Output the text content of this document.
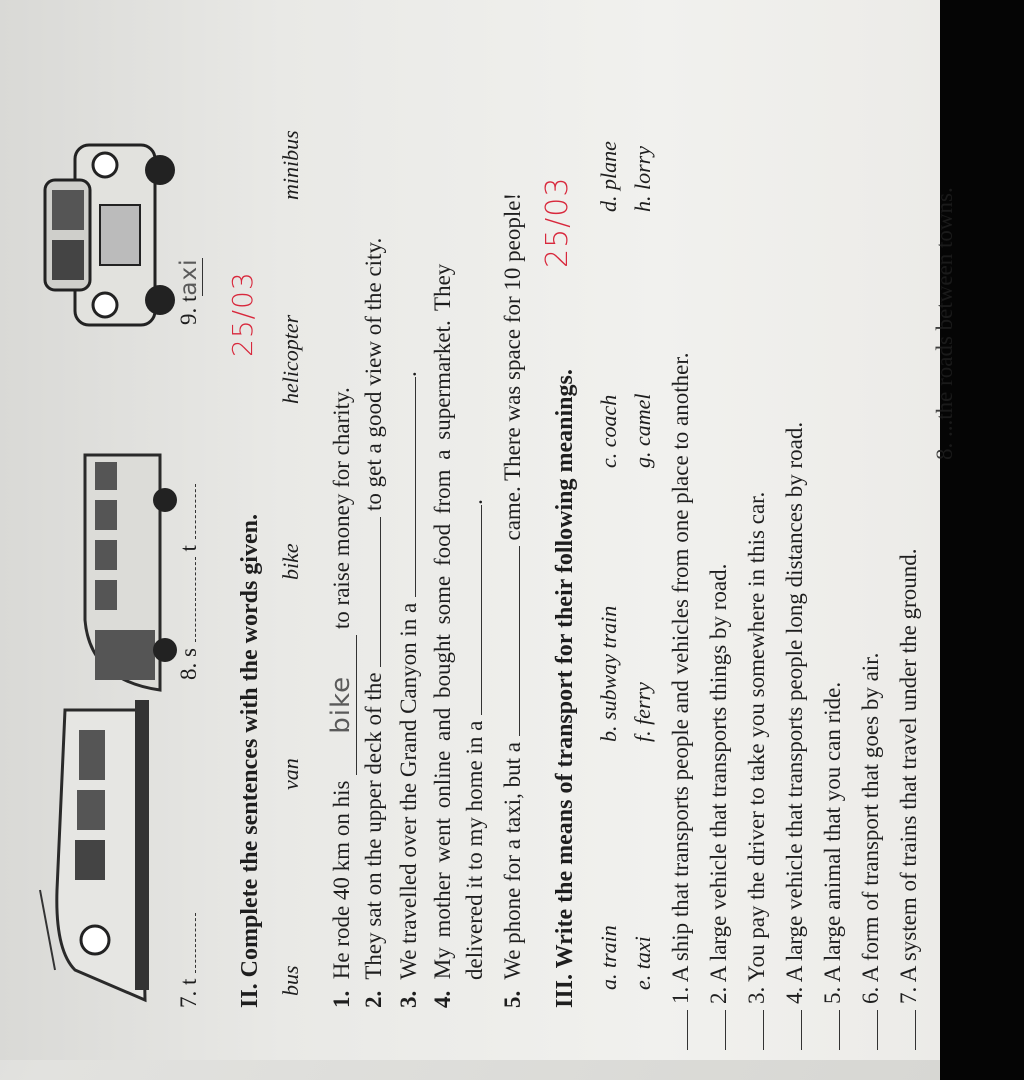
7. t
8. s  t
9. taxi
II. Complete the sentences with the words given.
25/03
bus
van
bike
helicopter
minibus
1.  He rode 40 km on his bike to raise money for charity.
2.  They sat on the upper deck of the  to get a good view of the city.
3.  We travelled over the Grand Canyon in a .
4.  My mother went online and bought some food from a supermarket. They delivered it to my home in a .
5.  We phone for a taxi, but a  came. There was space for 10 people!
III. Write the means of transport for their following meanings.
25/03
a. train
b. subway train
c. coach
d. plane
e. taxi
f. ferry
g. camel
h. lorry
1. A ship that transports people and vehicles from one place to another. 2. A large vehicle that transports things by road. 3. You pay the driver to take you somewhere in this car. 4. A large vehicle that transports people long distances by road. 5. A large animal that you can ride. 6. A form of transport that goes by air. 7. A system of trains that travel under the ground.
8. ...the roads between towns.
